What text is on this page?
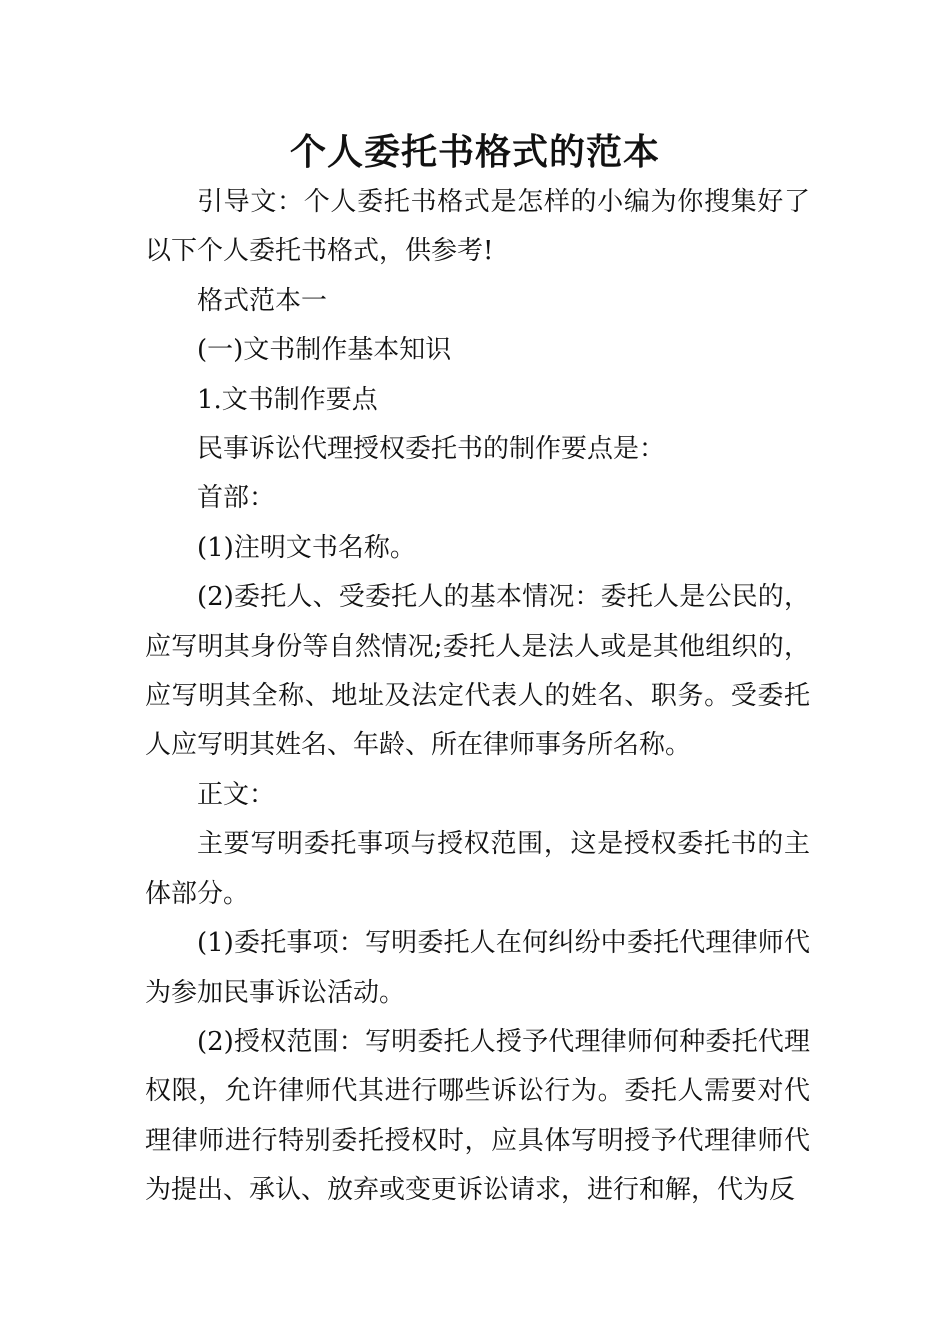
个人委托书格式的范本

引导文：个人委托书格式是怎样的小编为你搜集好了以下个人委托书格式，供参考!

格式范本一

(一)文书制作基本知识

1.文书制作要点

民事诉讼代理授权委托书的制作要点是：

首部：

(1)注明文书名称。

(2)委托人、受委托人的基本情况：委托人是公民的，应写明其身份等自然情况;委托人是法人或是其他组织的，应写明其全称、地址及法定代表人的姓名、职务。受委托人应写明其姓名、年龄、所在律师事务所名称。

正文：

主要写明委托事项与授权范围，这是授权委托书的主体部分。

(1)委托事项：写明委托人在何纠纷中委托代理律师代为参加民事诉讼活动。

(2)授权范围：写明委托人授予代理律师何种委托代理权限，允许律师代其进行哪些诉讼行为。委托人需要对代理律师进行特别委托授权时，应具体写明授予代理律师代为提出、承认、放弃或变更诉讼请求，进行和解，代为反
